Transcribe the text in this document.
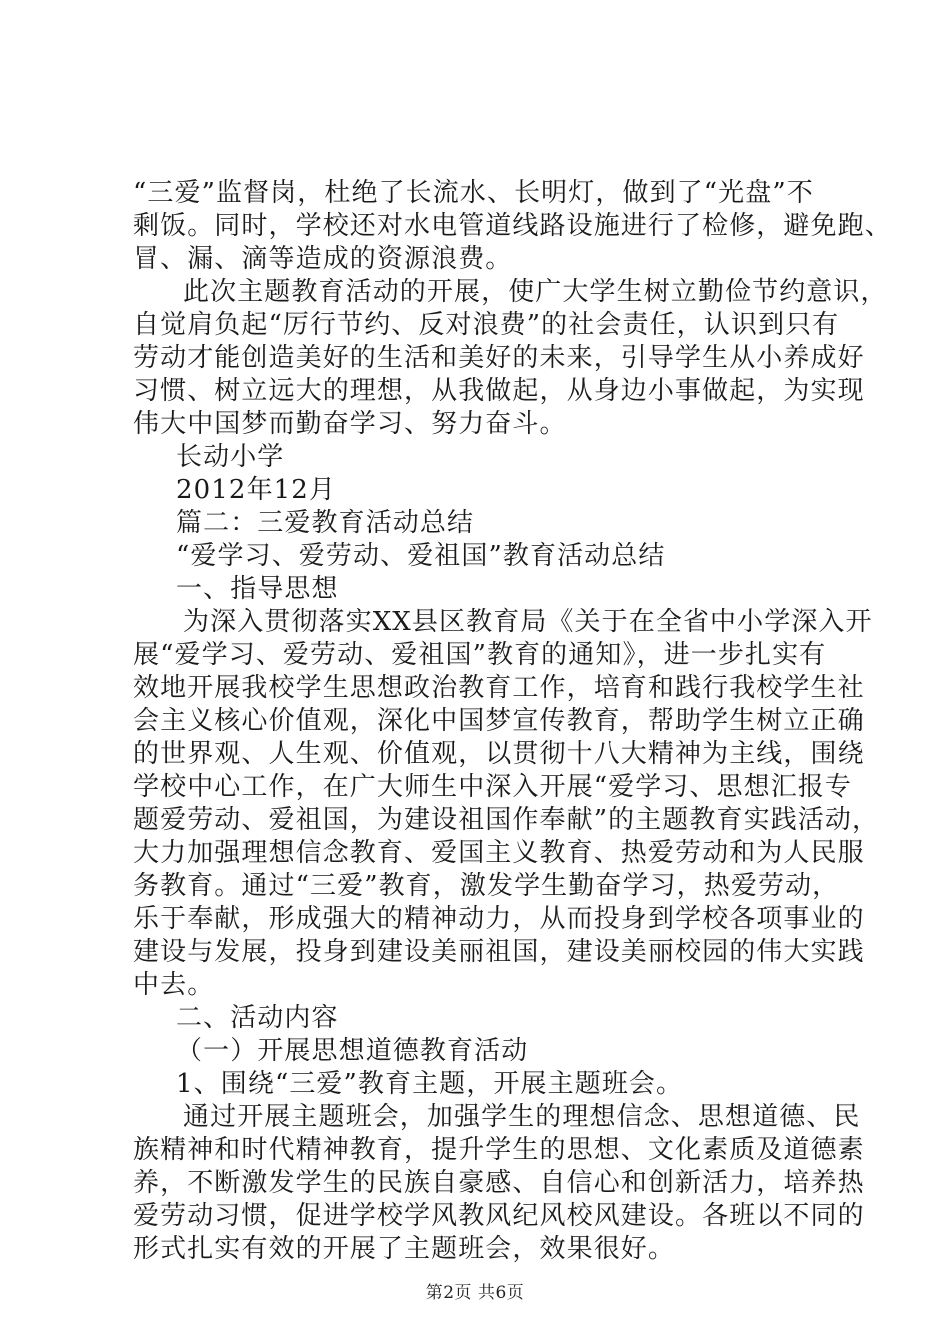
“三爱”监督岗，杜绝了长流水、长明灯，做到了“光盘”不
剩饭。同时，学校还对水电管道线路设施进行了检修，避免跑、
冒、漏、滴等造成的资源浪费。
此次主题教育活动的开展，使广大学生树立勤俭节约意识，
自觉肩负起“厉行节约、反对浪费”的社会责任，认识到只有
劳动才能创造美好的生活和美好的未来，引导学生从小养成好
习惯、树立远大的理想，从我做起，从身边小事做起，为实现
伟大中国梦而勤奋学习、努力奋斗。
长动小学
2012年12月
篇二：三爱教育活动总结
“爱学习、爱劳动、爱祖国”教育活动总结
一、指导思想
为深入贯彻落实XX县区教育局《关于在全省中小学深入开
展“爱学习、爱劳动、爱祖国”教育的通知》，进一步扎实有
效地开展我校学生思想政治教育工作，培育和践行我校学生社
会主义核心价值观，深化中国梦宣传教育，帮助学生树立正确
的世界观、人生观、价值观，以贯彻十八大精神为主线，围绕
学校中心工作，在广大师生中深入开展“爱学习、思想汇报专
题爱劳动、爱祖国，为建设祖国作奉献”的主题教育实践活动，
大力加强理想信念教育、爱国主义教育、热爱劳动和为人民服
务教育。通过“三爱”教育，激发学生勤奋学习，热爱劳动，
乐于奉献，形成强大的精神动力，从而投身到学校各项事业的
建设与发展，投身到建设美丽祖国，建设美丽校园的伟大实践
中去。
二、活动内容
（一）开展思想道德教育活动
1、围绕“三爱”教育主题，开展主题班会。
通过开展主题班会，加强学生的理想信念、思想道德、民
族精神和时代精神教育，提升学生的思想、文化素质及道德素
养，不断激发学生的民族自豪感、自信心和创新活力，培养热
爱劳动习惯，促进学校学风教风纪风校风建设。各班以不同的
形式扎实有效的开展了主题班会，效果很好。
第2页 共6页
